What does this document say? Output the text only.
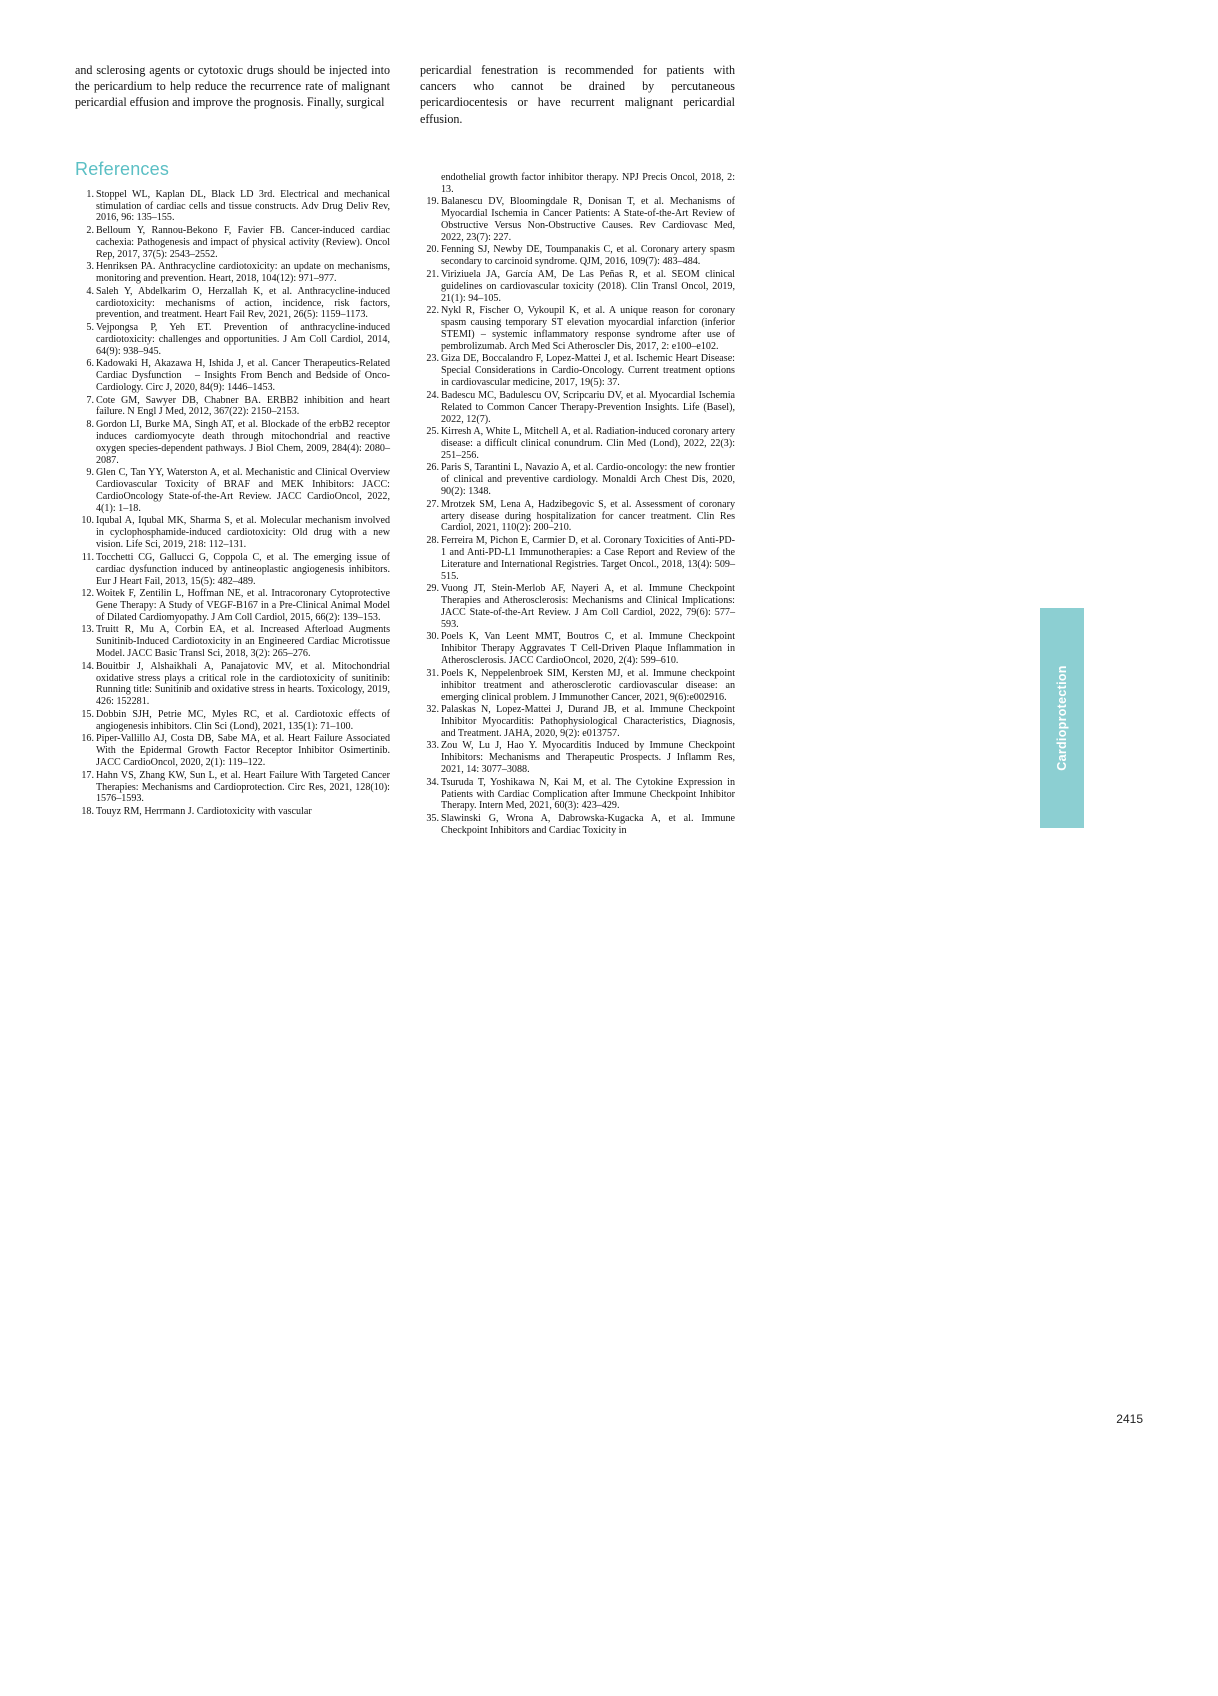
and sclerosing agents or cytotoxic drugs should be injected into the pericardium to help reduce the recurrence rate of malignant pericardial effusion and improve the prognosis. Finally, surgical

References
1. Stoppel WL, Kaplan DL, Black LD 3rd. Electrical and mechanical stimulation of cardiac cells and tissue constructs. Adv Drug Deliv Rev, 2016, 96: 135–155.
2. Belloum Y, Rannou-Bekono F, Favier FB. Cancer-induced cardiac cachexia: Pathogenesis and impact of physical activity (Review). Oncol Rep, 2017, 37(5): 2543–2552.
3. Henriksen PA. Anthracycline cardiotoxicity: an update on mechanisms, monitoring and prevention. Heart, 2018, 104(12): 971–977.
4. Saleh Y, Abdelkarim O, Herzallah K, et al. Anthracycline-induced cardiotoxicity: mechanisms of action, incidence, risk factors, prevention, and treatment. Heart Fail Rev, 2021, 26(5): 1159–1173.
5. Vejpongsa P, Yeh ET. Prevention of anthracycline-induced cardiotoxicity: challenges and opportunities. J Am Coll Cardiol, 2014, 64(9): 938–945.
6. Kadowaki H, Akazawa H, Ishida J, et al. Cancer Therapeutics-Related Cardiac Dysfunction　– Insights From Bench and Bedside of Onco-Cardiology. Circ J, 2020, 84(9): 1446–1453.
7. Cote GM, Sawyer DB, Chabner BA. ERBB2 inhibition and heart failure. N Engl J Med, 2012, 367(22): 2150–2153.
8. Gordon LI, Burke MA, Singh AT, et al. Blockade of the erbB2 receptor induces cardiomyocyte death through mitochondrial and reactive oxygen species-dependent pathways. J Biol Chem, 2009, 284(4): 2080–2087.
9. Glen C, Tan YY, Waterston A, et al. Mechanistic and Clinical Overview Cardiovascular Toxicity of BRAF and MEK Inhibitors: JACC: CardioOncology State-of-the-Art Review. JACC CardioOncol, 2022, 4(1): 1–18.
10. Iqubal A, Iqubal MK, Sharma S, et al. Molecular mechanism involved in cyclophosphamide-induced cardiotoxicity: Old drug with a new vision. Life Sci, 2019, 218: 112–131.
11. Tocchetti CG, Gallucci G, Coppola C, et al. The emerging issue of cardiac dysfunction induced by antineoplastic angiogenesis inhibitors. Eur J Heart Fail, 2013, 15(5): 482–489.
12. Woitek F, Zentilin L, Hoffman NE, et al. Intracoronary Cytoprotective Gene Therapy: A Study of VEGF-B167 in a Pre-Clinical Animal Model of Dilated Cardiomyopathy. J Am Coll Cardiol, 2015, 66(2): 139–153.
13. Truitt R, Mu A, Corbin EA, et al. Increased Afterload Augments Sunitinib-Induced Cardiotoxicity in an Engineered Cardiac Microtissue Model. JACC Basic Transl Sci, 2018, 3(2): 265–276.
14. Bouitbir J, Alshaikhali A, Panajatovic MV, et al. Mitochondrial oxidative stress plays a critical role in the cardiotoxicity of sunitinib: Running title: Sunitinib and oxidative stress in hearts. Toxicology, 2019, 426: 152281.
15. Dobbin SJH, Petrie MC, Myles RC, et al. Cardiotoxic effects of angiogenesis inhibitors. Clin Sci (Lond), 2021, 135(1): 71–100.
16. Piper-Vallillo AJ, Costa DB, Sabe MA, et al. Heart Failure Associated With the Epidermal Growth Factor Receptor Inhibitor Osimertinib. JACC CardioOncol, 2020, 2(1): 119–122.
17. Hahn VS, Zhang KW, Sun L, et al. Heart Failure With Targeted Cancer Therapies: Mechanisms and Cardioprotection. Circ Res, 2021, 128(10): 1576–1593.
18. Touyz RM, Herrmann J. Cardiotoxicity with vascular

pericardial fenestration is recommended for patients with cancers who cannot be drained by percutaneous pericardiocentesis or have recurrent malignant pericardial effusion.

endothelial growth factor inhibitor therapy. NPJ Precis Oncol, 2018, 2: 13.
19. Balanescu DV, Bloomingdale R, Donisan T, et al. Mechanisms of Myocardial Ischemia in Cancer Patients: A State-of-the-Art Review of Obstructive Versus Non-Obstructive Causes. Rev Cardiovasc Med, 2022, 23(7): 227.
20. Fenning SJ, Newby DE, Toumpanakis C, et al. Coronary artery spasm secondary to carcinoid syndrome. QJM, 2016, 109(7): 483–484.
21. Viriziuela JA, García AM, De Las Peñas R, et al. SEOM clinical guidelines on cardiovascular toxicity (2018). Clin Transl Oncol, 2019, 21(1): 94–105.
22. Nykl R, Fischer O, Vykoupil K, et al. A unique reason for coronary spasm causing temporary ST elevation myocardial infarction (inferior STEMI) – systemic inflammatory response syndrome after use of pembrolizumab. Arch Med Sci Atheroscler Dis, 2017, 2: e100–e102.
23. Giza DE, Boccalandro F, Lopez-Mattei J, et al. Ischemic Heart Disease: Special Considerations in Cardio-Oncology. Current treatment options in cardiovascular medicine, 2017, 19(5): 37.
24. Badescu MC, Badulescu OV, Scripcariu DV, et al. Myocardial Ischemia Related to Common Cancer Therapy-Prevention Insights. Life (Basel), 2022, 12(7).
25. Kirresh A, White L, Mitchell A, et al. Radiation-induced coronary artery disease: a difficult clinical conundrum. Clin Med (Lond), 2022, 22(3): 251–256.
26. Paris S, Tarantini L, Navazio A, et al. Cardio-oncology: the new frontier of clinical and preventive cardiology. Monaldi Arch Chest Dis, 2020, 90(2): 1348.
27. Mrotzek SM, Lena A, Hadzibegovic S, et al. Assessment of coronary artery disease during hospitalization for cancer treatment. Clin Res Cardiol, 2021, 110(2): 200–210.
28. Ferreira M, Pichon E, Carmier D, et al. Coronary Toxicities of Anti-PD-1 and Anti-PD-L1 Immunotherapies: a Case Report and Review of the Literature and International Registries. Target Oncol., 2018, 13(4): 509–515.
29. Vuong JT, Stein-Merlob AF, Nayeri A, et al. Immune Checkpoint Therapies and Atherosclerosis: Mechanisms and Clinical Implications: JACC State-of-the-Art Review. J Am Coll Cardiol, 2022, 79(6): 577–593.
30. Poels K, Van Leent MMT, Boutros C, et al. Immune Checkpoint Inhibitor Therapy Aggravates T Cell-Driven Plaque Inflammation in Atherosclerosis. JACC CardioOncol, 2020, 2(4): 599–610.
31. Poels K, Neppelenbroek SIM, Kersten MJ, et al. Immune checkpoint inhibitor treatment and atherosclerotic cardiovascular disease: an emerging clinical problem. J Immunother Cancer, 2021, 9(6):e002916.
32. Palaskas N, Lopez-Mattei J, Durand JB, et al. Immune Checkpoint Inhibitor Myocarditis: Pathophysiological Characteristics, Diagnosis, and Treatment. JAHA, 2020, 9(2): e013757.
33. Zou W, Lu J, Hao Y. Myocarditis Induced by Immune Checkpoint Inhibitors: Mechanisms and Therapeutic Prospects. J Inflamm Res, 2021, 14: 3077–3088.
34. Tsuruda T, Yoshikawa N, Kai M, et al. The Cytokine Expression in Patients with Cardiac Complication after Immune Checkpoint Inhibitor Therapy. Intern Med, 2021, 60(3): 423–429.
35. Slawinski G, Wrona A, Dabrowska-Kugacka A, et al. Immune Checkpoint Inhibitors and Cardiac Toxicity in
Cardioprotection
2415
